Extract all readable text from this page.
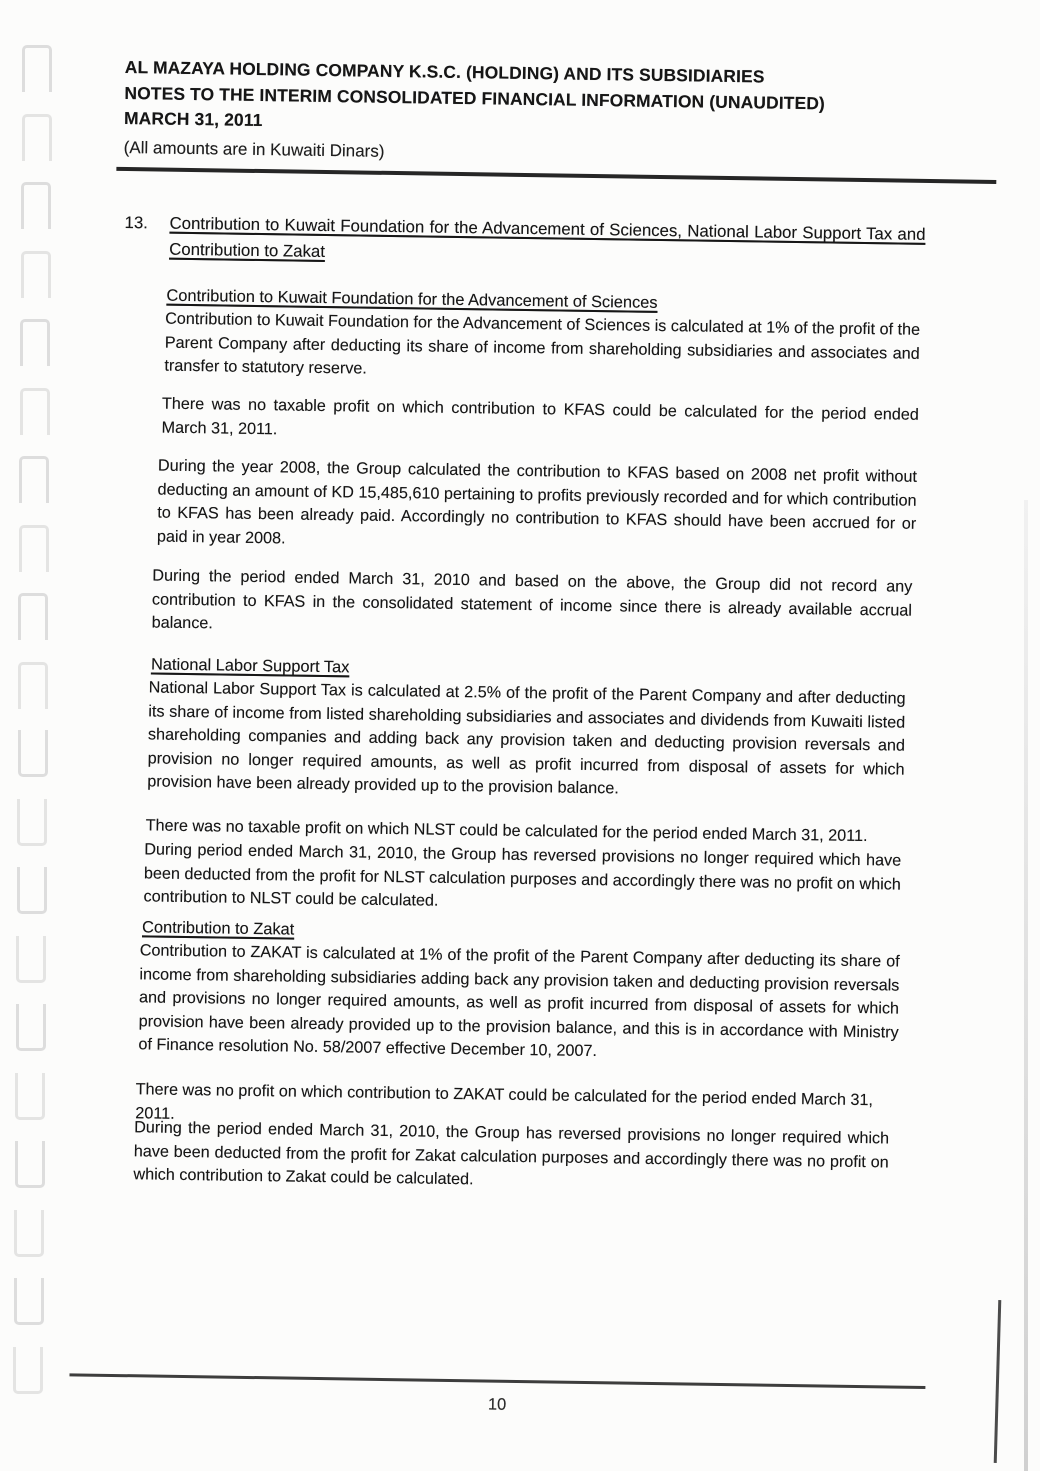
AL MAZAYA HOLDING COMPANY K.S.C. (HOLDING) AND ITS SUBSIDIARIES
NOTES TO THE INTERIM CONSOLIDATED FINANCIAL INFORMATION (UNAUDITED)
MARCH 31, 2011
(All amounts are in Kuwaiti Dinars)
13.	Contribution to Kuwait Foundation for the Advancement of Sciences, National Labor Support Tax and Contribution to Zakat
Contribution to Kuwait Foundation for the Advancement of Sciences
Contribution to Kuwait Foundation for the Advancement of Sciences is calculated at 1% of the profit of the Parent Company after deducting its share of income from shareholding subsidiaries and associates and transfer to statutory reserve.
There was no taxable profit on which contribution to KFAS could be calculated for the period ended March 31, 2011.
During the year 2008, the Group calculated the contribution to KFAS based on 2008 net profit without deducting an amount of KD 15,485,610 pertaining to profits previously recorded and for which contribution to KFAS has been already paid. Accordingly no contribution to KFAS should have been accrued for or paid in year 2008.
During the period ended March 31, 2010 and based on the above, the Group did not record any contribution to KFAS in the consolidated statement of income since there is already available accrual balance.
National Labor Support Tax
National Labor Support Tax is calculated at 2.5% of the profit of the Parent Company and after deducting its share of income from listed shareholding subsidiaries and associates and dividends from Kuwaiti listed shareholding companies and adding back any provision taken and deducting provision reversals and provision no longer required amounts, as well as profit incurred from disposal of assets for which provision have been already provided up to the provision balance.
There was no taxable profit on which NLST could be calculated for the period ended March 31, 2011.
During period ended March 31, 2010, the Group has reversed provisions no longer required which have been deducted from the profit for NLST calculation purposes and accordingly there was no profit on which contribution to NLST could be calculated.
Contribution to Zakat
Contribution to ZAKAT is calculated at 1% of the profit of the Parent Company after deducting its share of income from shareholding subsidiaries adding back any provision taken and deducting provision reversals and provisions no longer required amounts, as well as profit incurred from disposal of assets for which provision have been already provided up to the provision balance, and this is in accordance with Ministry of Finance resolution No. 58/2007 effective December 10, 2007.
There was no profit on which contribution to ZAKAT could be calculated for the period ended March 31, 2011.
During the period ended March 31, 2010, the Group has reversed provisions no longer required which have been deducted from the profit for Zakat calculation purposes and accordingly there was no profit on which contribution to Zakat could be calculated.
10
